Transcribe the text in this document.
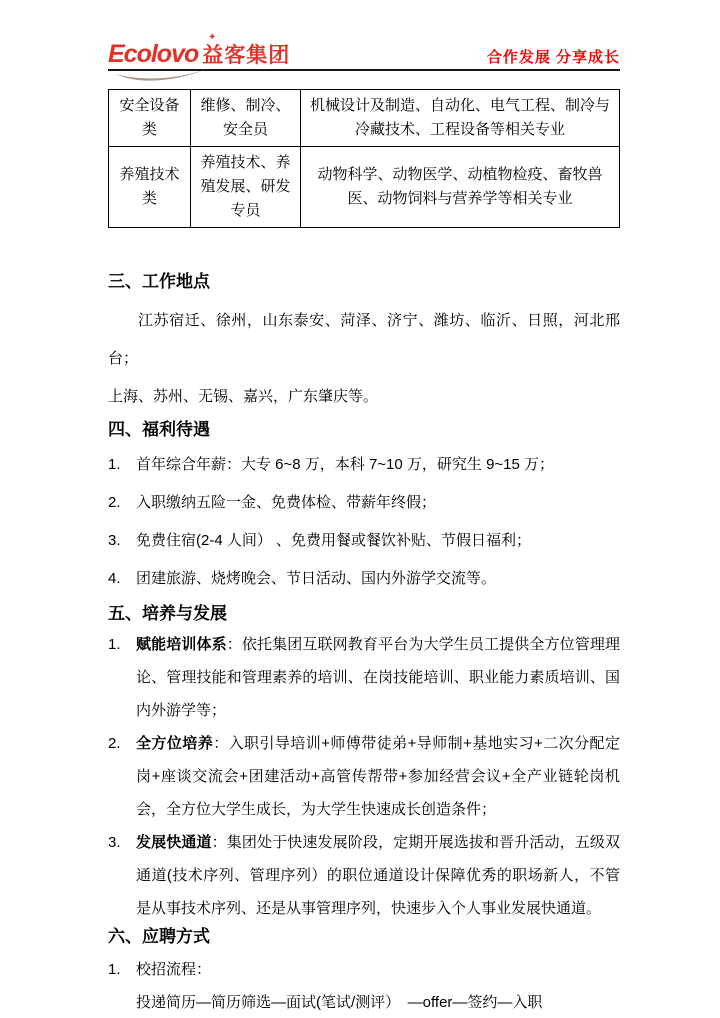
Ecolovo
✦
益客集团	合作发展 分享成长
安全设备类	维修、制冷、安全员	机械设计及制造、自动化、电气工程、制冷与冷藏技术、工程设备等相关专业
养殖技术类	养殖技术、养殖发展、研发专员	动物科学、动物医学、动植物检疫、畜牧兽医、动物饲料与营养学等相关专业
三、工作地点

江苏宿迁、徐州，山东泰安、菏泽、济宁、潍坊、临沂、日照，河北邢台；
上海、苏州、无锡、嘉兴，广东肇庆等。

四、福利待遇
1.	首年综合年薪：大专 6~8 万，本科 7~10 万，研究生 9~15 万；
2.	入职缴纳五险一金、免费体检、带薪年终假；
3.	免费住宿(2-4 人间） 、免费用餐或餐饮补贴、节假日福利；
4.	团建旅游、烧烤晚会、节日活动、国内外游学交流等。
五、培养与发展
1.	赋能培训体系：依托集团互联网教育平台为大学生员工提供全方位管理理论、管理技能和管理素养的培训、在岗技能培训、职业能力素质培训、国内外游学等；

2.	全方位培养：入职引导培训+师傅带徒弟+导师制+基地实习+二次分配定岗+座谈交流会+团建活动+高管传帮带+参加经营会议+全产业链轮岗机会，全方位大学生成长，为大学生快速成长创造条件；

3.	发展快通道：集团处于快速发展阶段，定期开展选拔和晋升活动，五级双通道(技术序列、管理序列）的职位通道设计保障优秀的职场新人，不管是从事技术序列、还是从事管理序列，快速步入个人事业发展快通道。

六、应聘方式
1.	校招流程：
投递简历—简历筛选—面试(笔试/测评）　—offer—签约—入职
